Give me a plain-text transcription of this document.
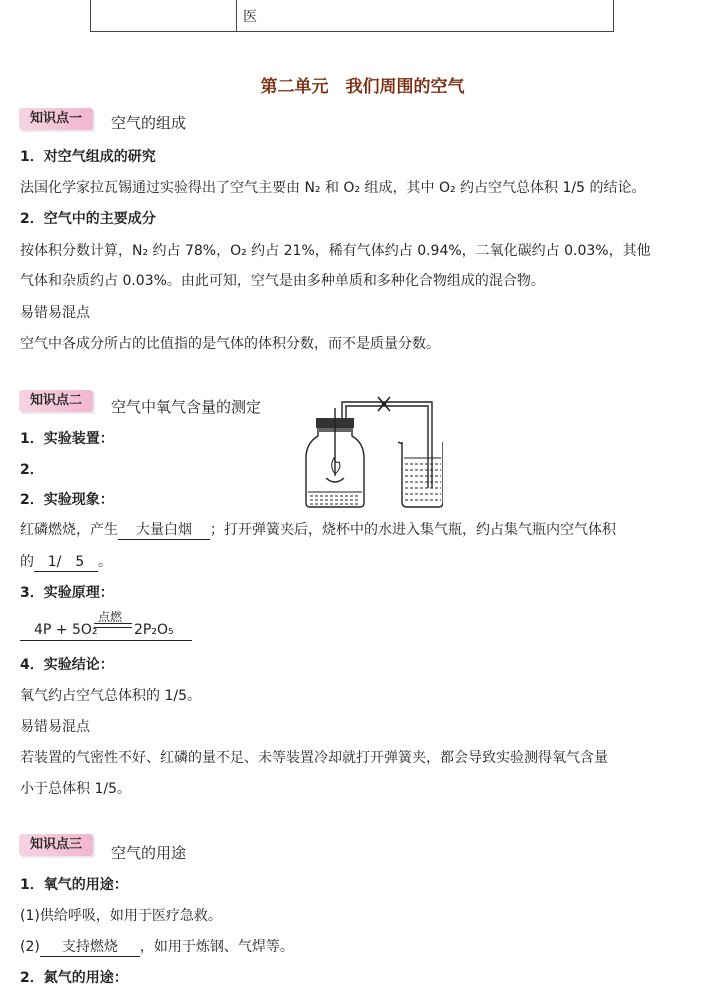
医
第二单元　我们周围的空气
知识点一	空气的组成
1．对空气组成的研究
法国化学家拉瓦锡通过实验得出了空气主要由 N₂ 和 O₂ 组成，其中 O₂ 约占空气总体积 1/5 的结论。
2．空气中的主要成分
按体积分数计算，N₂ 约占 78%，O₂ 约占 21%，稀有气体约占 0.94%，二氧化碳约占 0.03%，其他
气体和杂质约占 0.03%。由此可知，空气是由多种单质和多种化合物组成的混合物。
易错易混点
空气中各成分所占的比值指的是气体的体积分数，而不是质量分数。
知识点二	空气中氧气含量的测定
1．实验装置：
2．
2．实验现象：
红磷燃烧，产生 大量白烟 ；打开弹簧夹后，烧杯中的水进入集气瓶，约占集气瓶内空气体积
的 1/　5 。
3．实验原理：
4P + 5O₂
点燃
2P₂O₅
4．实验结论：
氧气约占空气总体积的 1/5。
易错易混点
若装置的气密性不好、红磷的量不足、未等装置冷却就打开弹簧夹，都会导致实验测得氧气含量
小于总体积 1/5。
知识点三	空气的用途
1．氧气的用途：
(1)供给呼吸，如用于医疗急救。
(2) 支持燃烧 ，如用于炼钢、气焊等。
2．氮气的用途：
